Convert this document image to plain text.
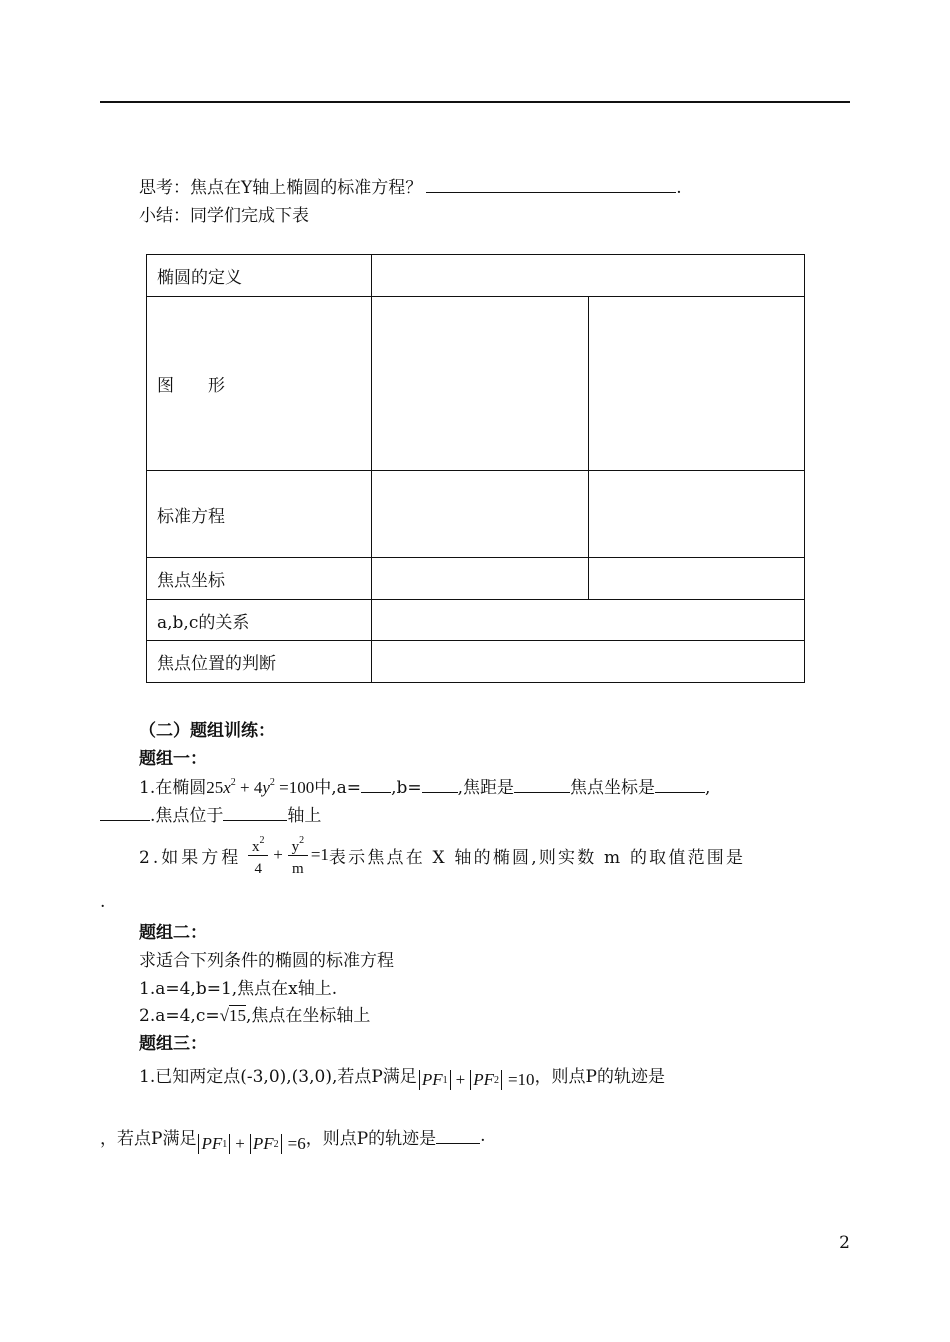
思考：焦点在Y轴上椭圆的标准方程？	.
小结：同学们完成下表
椭圆的定义		
图　　形		
标准方程		
焦点坐标		
a,b,c的关系		
焦点位置的判断		
（二）题组训练：
题组一：
1.在椭圆$25x^2 + 4y^2 =100$中,a= ,b= ,焦距是	焦点坐标是	,
.焦点位于	轴上
2.如果方程 $\frac{x^2}{4} + \frac{y^2}{m} =1$ 表示焦点在 X 轴的椭圆,则实数 m 的取值范围是
.
题组二：
求适合下列条件的椭圆的标准方程
1.a=4,b=1,焦点在x轴上.
2.a=4,c=√15,焦点在坐标轴上
题组三：
1.已知两定点(-3,0),(3,0),若点P满足 PF 1 + PF 2 =10 ，则点P的轨迹是
，若点P满足 PF 1 + PF 2 =6 ，则点P的轨迹是	.
2
